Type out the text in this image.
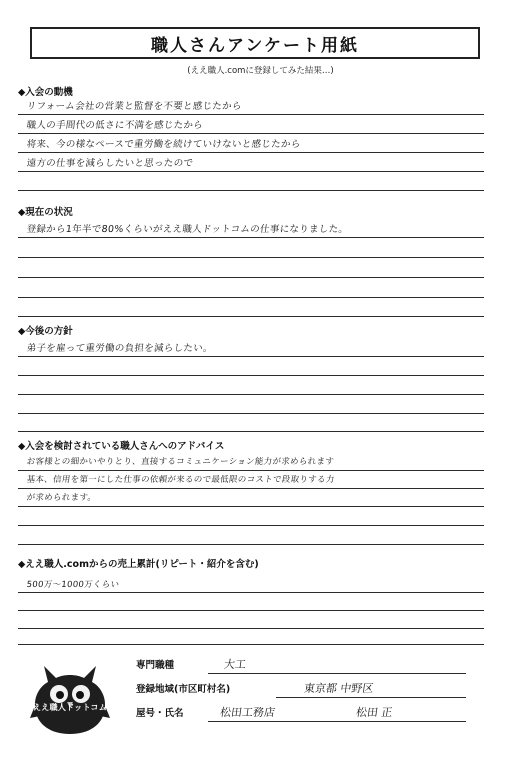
職人さんアンケート用紙
(ええ職人.comに登録してみた結果…)
◆入会の動機
リフォーム会社の営業と監督を不要と感じたから
職人の手間代の低さに不満を感じたから
将来、今の様なペースで重労働を続けていけないと感じたから
遠方の仕事を減らしたいと思ったので
◆現在の状況
登録から1年半で80%くらいがええ職人ドットコムの仕事になりました。
◆今後の方針
弟子を雇って重労働の負担を減らしたい。
◆入会を検討されている職人さんへのアドバイス
お客様との細かいやりとり、直接するコミュニケーション能力が求められます
基本、信用を第一にした仕事の依頼が来るので最低限のコストで段取りする力
が求められます。
◆ええ職人.comからの売上累計(リピート・紹介を含む)
500万～1000万くらい
ええ職人ドットコム
専門職種	大工
登録地域(市区町村名)	東京都 中野区
屋号・氏名	松田工務店	松田 正
